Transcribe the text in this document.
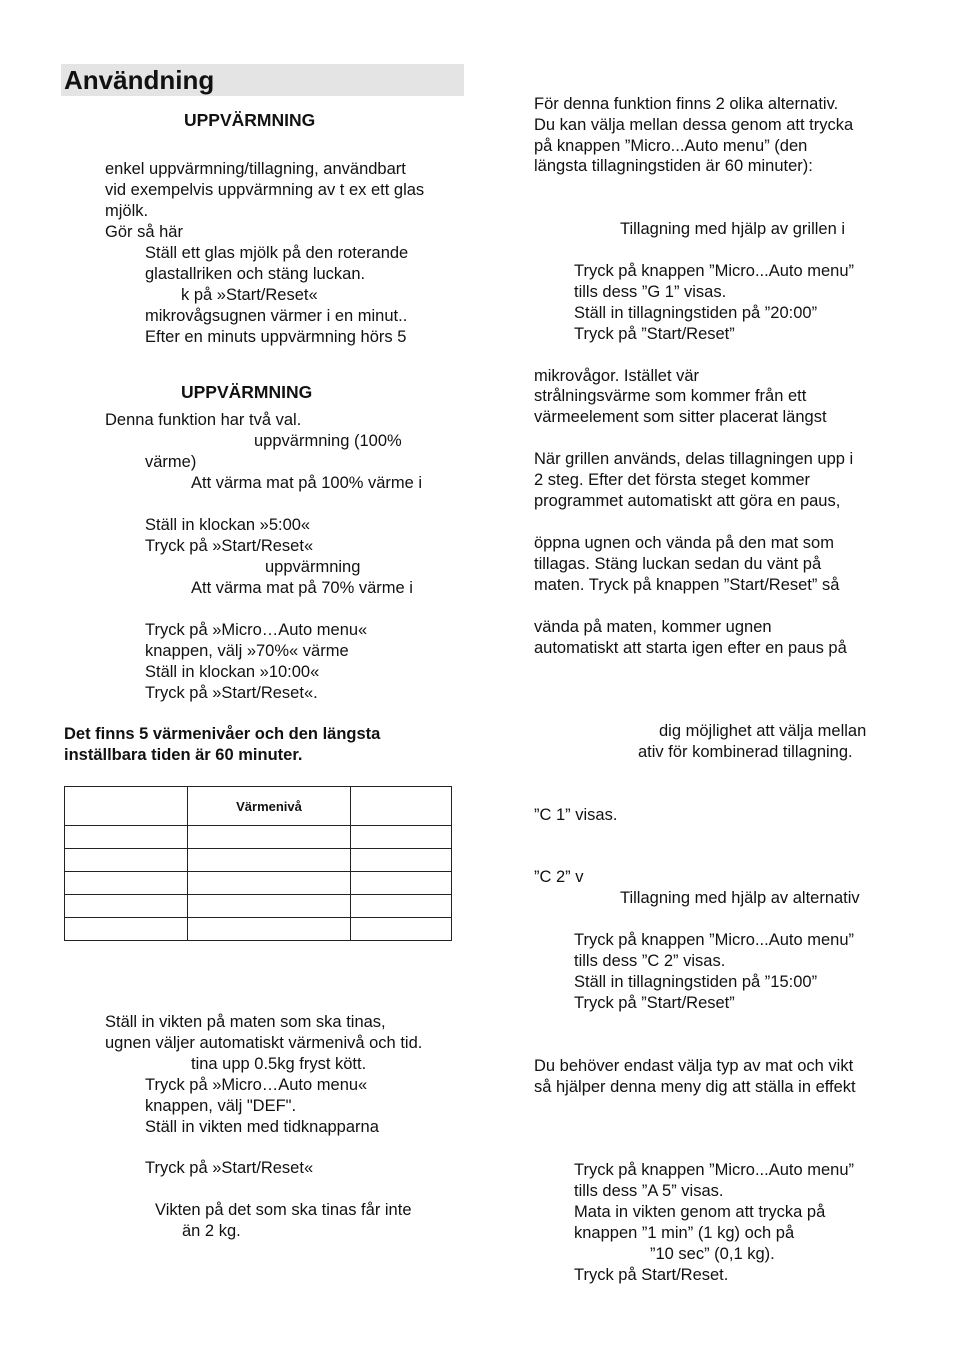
Användning
UPPVÄRMNING
enkel uppvärmning/tillagning, användbart
vid exempelvis uppvärmning av t ex ett glas
mjölk.
Gör så här
Ställ ett glas mjölk på den roterande
glastallriken och stäng luckan.
k på »Start/Reset«
mikrovågsugnen värmer i en minut..
Efter en minuts uppvärmning hörs 5
UPPVÄRMNING
Denna funktion har två val.
uppvärmning (100%
värme)
Att värma mat på 100% värme i
Ställ in klockan »5:00«
Tryck på »Start/Reset«
uppvärmning
Att värma mat på 70% värme i
Tryck på »Micro…Auto menu«
knappen, välj »70%« värme
Ställ in klockan »10:00«
Tryck på »Start/Reset«.
Det finns 5 värmenivåer och den längsta
inställbara tiden är 60 minuter.
	Värmenivå	

Ställ in vikten på maten som ska tinas,
ugnen väljer automatiskt värmenivå och tid.
tina upp 0.5kg fryst kött.
Tryck på »Micro…Auto menu«
knappen, välj "DEF".
Ställ in vikten med tidknapparna
Tryck på »Start/Reset«
Vikten på det som ska tinas får inte
än 2 kg.
För denna funktion finns 2 olika alternativ.
Du kan välja mellan dessa genom att trycka
på knappen ”Micro...Auto menu” (den
längsta tillagningstiden är 60 minuter):
Tillagning med hjälp av grillen i
Tryck på knappen ”Micro...Auto menu”
tills dess ”G 1” visas.
Ställ in tillagningstiden på ”20:00”
Tryck på ”Start/Reset”
mikrovågor. Istället vär
strålningsvärme som kommer från ett
värmeelement som sitter placerat längst
När grillen används, delas tillagningen upp i
2 steg. Efter det första steget kommer
programmet automatiskt att göra en paus,
öppna ugnen och vända på den mat som
tillagas. Stäng luckan sedan du vänt på
maten. Tryck på knappen ”Start/Reset” så
vända på maten, kommer ugnen
automatiskt att starta igen efter en paus på
dig möjlighet att välja mellan
ativ för kombinerad tillagning.
”C 1” visas.
”C 2” v
Tillagning med hjälp av alternativ
Tryck på knappen ”Micro...Auto menu”
tills dess ”C 2” visas.
Ställ in tillagningstiden på ”15:00”
Tryck på ”Start/Reset”
Du behöver endast välja typ av mat och vikt
så hjälper denna meny dig att ställa in effekt
Tryck på knappen ”Micro...Auto menu”
tills dess ”A 5” visas.
Mata in vikten genom att trycka på
knappen ”1 min” (1 kg) och på
”10 sec” (0,1 kg).
Tryck på Start/Reset.
